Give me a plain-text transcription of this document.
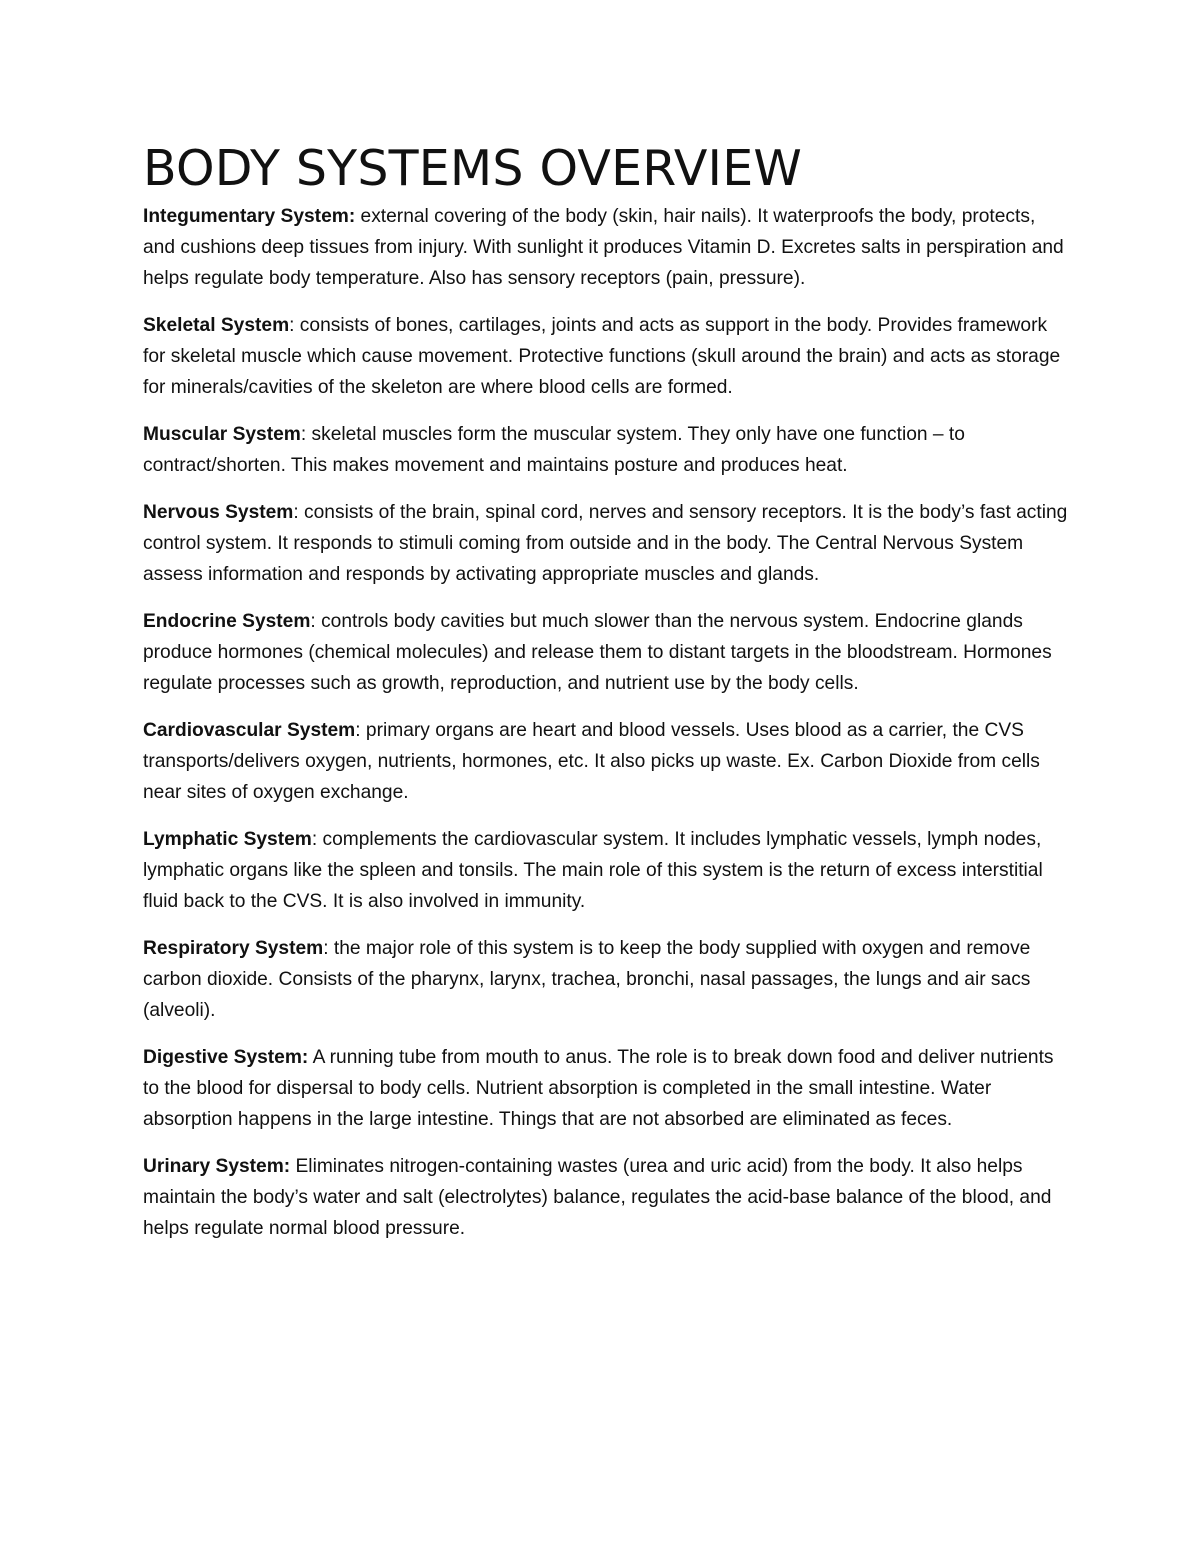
BODY SYSTEMS OVERVIEW

Integumentary System: external covering of the body (skin, hair nails). It waterproofs the body, protects, and cushions deep tissues from injury. With sunlight it produces Vitamin D. Excretes salts in perspiration and helps regulate body temperature. Also has sensory receptors (pain, pressure).

Skeletal System: consists of bones, cartilages, joints and acts as support in the body. Provides framework for skeletal muscle which cause movement. Protective functions (skull around the brain) and acts as storage for minerals/cavities of the skeleton are where blood cells are formed.

Muscular System: skeletal muscles form the muscular system. They only have one function – to contract/shorten. This makes movement and maintains posture and produces heat.

Nervous System: consists of the brain, spinal cord, nerves and sensory receptors. It is the body’s fast acting control system. It responds to stimuli coming from outside and in the body. The Central Nervous System assess information and responds by activating appropriate muscles and glands.

Endocrine System: controls body cavities but much slower than the nervous system. Endocrine glands produce hormones (chemical molecules) and release them to distant targets in the bloodstream. Hormones regulate processes such as growth, reproduction, and nutrient use by the body cells.

Cardiovascular System: primary organs are heart and blood vessels. Uses blood as a carrier, the CVS transports/delivers oxygen, nutrients, hormones, etc. It also picks up waste. Ex. Carbon Dioxide from cells near sites of oxygen exchange.

Lymphatic System: complements the cardiovascular system. It includes lymphatic vessels, lymph nodes, lymphatic organs like the spleen and tonsils. The main role of this system is the return of excess interstitial fluid back to the CVS. It is also involved in immunity.

Respiratory System: the major role of this system is to keep the body supplied with oxygen and remove carbon dioxide. Consists of the pharynx, larynx, trachea, bronchi, nasal passages, the lungs and air sacs (alveoli).

Digestive System: A running tube from mouth to anus. The role is to break down food and deliver nutrients to the blood for dispersal to body cells. Nutrient absorption is completed in the small intestine. Water absorption happens in the large intestine. Things that are not absorbed are eliminated as feces.

Urinary System: Eliminates nitrogen-containing wastes (urea and uric acid) from the body. It also helps maintain the body’s water and salt (electrolytes) balance, regulates the acid-base balance of the blood, and helps regulate normal blood pressure.
